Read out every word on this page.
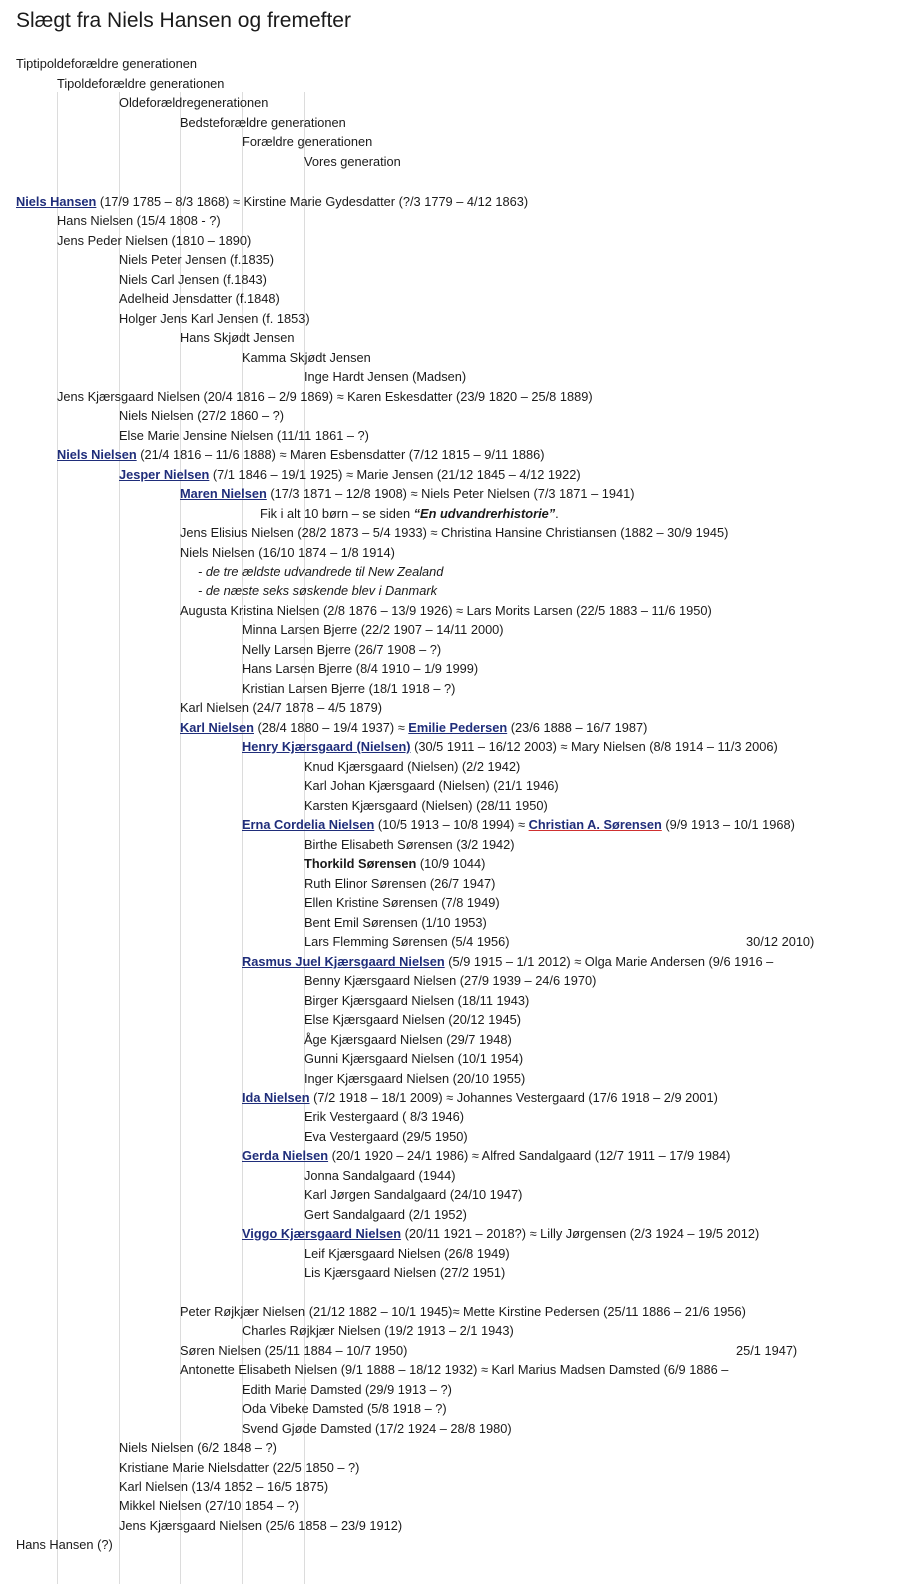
Slægt fra Niels Hansen og fremefter
Tiptipoldeforældre generationen
Tipoldeforældre generationen
Oldeforældregenerationen
Bedsteforældre generationen
Forældre generationen
Vores generation
Niels Hansen (17/9 1785 – 8/3 1868) ≈ Kirstine Marie Gydesdatter (?/3 1779 – 4/12 1863)
Hans Nielsen (15/4 1808 - ?)
Jens Peder Nielsen (1810 – 1890)
Niels Peter Jensen (f.1835)
Niels Carl Jensen (f.1843)
Adelheid Jensdatter (f.1848)
Holger Jens Karl Jensen (f. 1853)
Hans Skjødt Jensen
Kamma Skjødt Jensen
Inge Hardt Jensen (Madsen)
Jens Kjærsgaard Nielsen (20/4 1816 – 2/9 1869) ≈ Karen Eskesdatter (23/9 1820 – 25/8 1889)
Niels Nielsen (27/2 1860 – ?)
Else Marie Jensine Nielsen (11/11 1861 – ?)
Niels Nielsen (21/4 1816 – 11/6 1888) ≈ Maren Esbensdatter (7/12 1815 – 9/11 1886)
Jesper Nielsen (7/1 1846 – 19/1 1925) ≈ Marie Jensen (21/12 1845 – 4/12 1922)
Maren Nielsen (17/3 1871 – 12/8 1908) ≈ Niels Peter Nielsen (7/3 1871 – 1941)
Fik i alt 10 børn – se siden “En udvandrerhistorie”.
Jens Elisius Nielsen (28/2 1873 – 5/4 1933) ≈ Christina Hansine Christiansen (1882 – 30/9 1945)
Niels Nielsen (16/10 1874 – 1/8 1914)
- de tre ældste udvandrede til New Zealand
- de næste seks søskende blev i Danmark
Augusta Kristina Nielsen (2/8 1876 – 13/9 1926) ≈ Lars Morits Larsen (22/5 1883 – 11/6 1950)
Minna Larsen Bjerre (22/2 1907 – 14/11 2000)
Nelly Larsen Bjerre (26/7 1908 – ?)
Hans Larsen Bjerre (8/4 1910 – 1/9 1999)
Kristian Larsen Bjerre (18/1 1918 – ?)
Karl Nielsen (24/7 1878 – 4/5 1879)
Karl Nielsen (28/4 1880 – 19/4 1937) ≈ Emilie Pedersen (23/6 1888 – 16/7 1987)
Henry Kjærsgaard (Nielsen) (30/5 1911 – 16/12 2003) ≈ Mary Nielsen (8/8 1914 – 11/3 2006)
Knud Kjærsgaard (Nielsen) (2/2 1942)
Karl Johan Kjærsgaard (Nielsen) (21/1 1946)
Karsten Kjærsgaard (Nielsen) (28/11 1950)
Erna Cordelia Nielsen (10/5 1913 – 10/8 1994) ≈ Christian A. Sørensen (9/9 1913 – 10/1 1968)
Birthe Elisabeth Sørensen (3/2 1942)
Thorkild Sørensen (10/9 1044)
Ruth Elinor Sørensen (26/7 1947)
Ellen Kristine Sørensen (7/8 1949)
Bent Emil Sørensen (1/10 1953)
Lars Flemming Sørensen (5/4 1956)	30/12 2010)
Rasmus Juel Kjærsgaard Nielsen (5/9 1915 – 1/1 2012) ≈ Olga Marie Andersen (9/6 1916 –
Benny Kjærsgaard Nielsen (27/9 1939 – 24/6 1970)
Birger Kjærsgaard Nielsen (18/11 1943)
Else Kjærsgaard Nielsen (20/12 1945)
Åge Kjærsgaard Nielsen (29/7 1948)
Gunni Kjærsgaard Nielsen (10/1 1954)
Inger Kjærsgaard Nielsen (20/10 1955)
Ida Nielsen (7/2 1918 – 18/1 2009) ≈ Johannes Vestergaard (17/6 1918 – 2/9 2001)
Erik Vestergaard ( 8/3 1946)
Eva Vestergaard (29/5 1950)
Gerda Nielsen (20/1 1920 – 24/1 1986) ≈ Alfred Sandalgaard (12/7 1911 – 17/9 1984)
Jonna Sandalgaard (1944)
Karl Jørgen Sandalgaard (24/10 1947)
Gert Sandalgaard (2/1 1952)
Viggo Kjærsgaard Nielsen (20/11 1921 – 2018?) ≈ Lilly Jørgensen (2/3 1924 – 19/5 2012)
Leif Kjærsgaard Nielsen (26/8 1949)
Lis Kjærsgaard Nielsen (27/2 1951)
Peter Røjkjær Nielsen (21/12 1882 – 10/1 1945)≈ Mette Kirstine Pedersen (25/11 1886 – 21/6 1956)
Charles Røjkjær Nielsen (19/2 1913 – 2/1 1943)
Søren Nielsen (25/11 1884 – 10/7 1950)	25/1 1947)
Antonette Elisabeth Nielsen (9/1 1888 – 18/12 1932) ≈ Karl Marius Madsen Damsted (6/9 1886 –
Edith Marie Damsted (29/9 1913 – ?)
Oda Vibeke Damsted (5/8 1918 – ?)
Svend Gjøde Damsted (17/2 1924 – 28/8 1980)
Niels Nielsen (6/2 1848 – ?)
Kristiane Marie Nielsdatter (22/5 1850 – ?)
Karl Nielsen (13/4 1852 – 16/5 1875)
Mikkel Nielsen (27/10 1854 – ?)
Jens Kjærsgaard Nielsen (25/6 1858 – 23/9 1912)
Hans Hansen (?)
